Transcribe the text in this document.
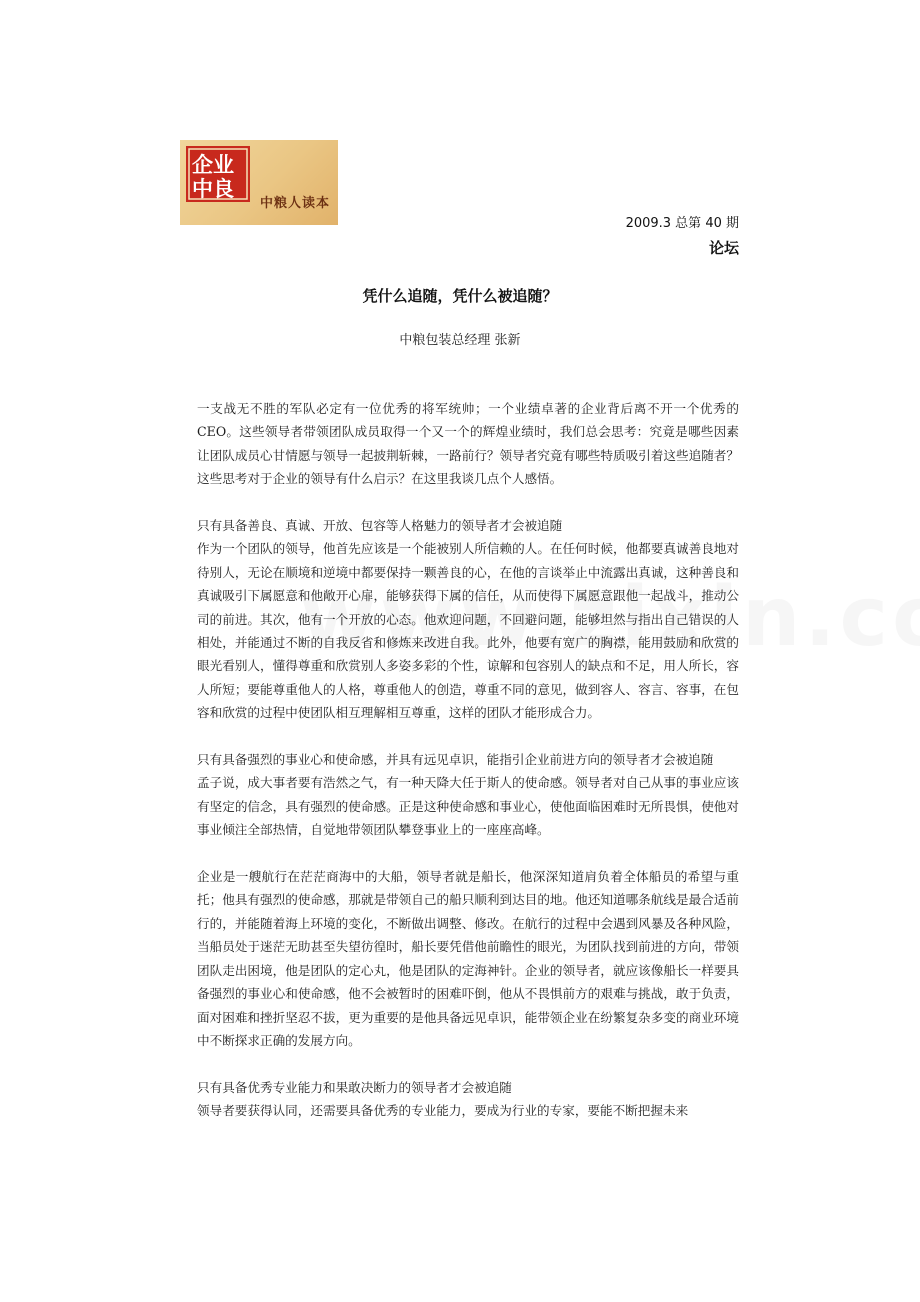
企业
中良
中粮人读本
2009.3 总第 40 期
论坛
凭什么追随，凭什么被追随？
中粮包装总经理 张新

一支战无不胜的军队必定有一位优秀的将军统帅；一个业绩卓著的企业背后离不开一个优秀的 CEO。这些领导者带领团队成员取得一个又一个的辉煌业绩时，我们总会思考：究竟是哪些因素让团队成员心甘情愿与领导一起披荆斩棘，一路前行？领导者究竟有哪些特质吸引着这些追随者？这些思考对于企业的领导有什么启示？在这里我谈几点个人感悟。

只有具备善良、真诚、开放、包容等人格魅力的领导者才会被追随

作为一个团队的领导，他首先应该是一个能被别人所信赖的人。在任何时候，他都要真诚善良地对待别人，无论在顺境和逆境中都要保持一颗善良的心，在他的言谈举止中流露出真诚，这种善良和真诚吸引下属愿意和他敞开心扉，能够获得下属的信任，从而使得下属愿意跟他一起战斗，推动公司的前进。其次，他有一个开放的心态。他欢迎问题，不回避问题，能够坦然与指出自己错误的人相处，并能通过不断的自我反省和修炼来改进自我。此外，他要有宽广的胸襟，能用鼓励和欣赏的眼光看别人，懂得尊重和欣赏别人多姿多彩的个性，谅解和包容别人的缺点和不足，用人所长，容人所短；要能尊重他人的人格，尊重他人的创造，尊重不同的意见，做到容人、容言、容事，在包容和欣赏的过程中使团队相互理解相互尊重，这样的团队才能形成合力。

只有具备强烈的事业心和使命感，并具有远见卓识，能指引企业前进方向的领导者才会被追随

孟子说，成大事者要有浩然之气，有一种天降大任于斯人的使命感。领导者对自己从事的事业应该有坚定的信念，具有强烈的使命感。正是这种使命感和事业心，使他面临困难时无所畏惧，使他对事业倾注全部热情，自觉地带领团队攀登事业上的一座座高峰。

企业是一艘航行在茫茫商海中的大船，领导者就是船长，他深深知道肩负着全体船员的希望与重托；他具有强烈的使命感，那就是带领自己的船只顺利到达目的地。他还知道哪条航线是最合适前行的，并能随着海上环境的变化，不断做出调整、修改。在航行的过程中会遇到风暴及各种风险，当船员处于迷茫无助甚至失望彷徨时，船长要凭借他前瞻性的眼光，为团队找到前进的方向，带领团队走出困境，他是团队的定心丸，他是团队的定海神针。企业的领导者，就应该像船长一样要具备强烈的事业心和使命感，他不会被暂时的困难吓倒，他从不畏惧前方的艰难与挑战，敢于负责，面对困难和挫折坚忍不拔，更为重要的是他具备远见卓识，能带领企业在纷繁复杂多变的商业环境中不断探求正确的发展方向。

只有具备优秀专业能力和果敢决断力的领导者才会被追随

领导者要获得认同，还需要具备优秀的专业能力，要成为行业的专家，要能不断把握未来
